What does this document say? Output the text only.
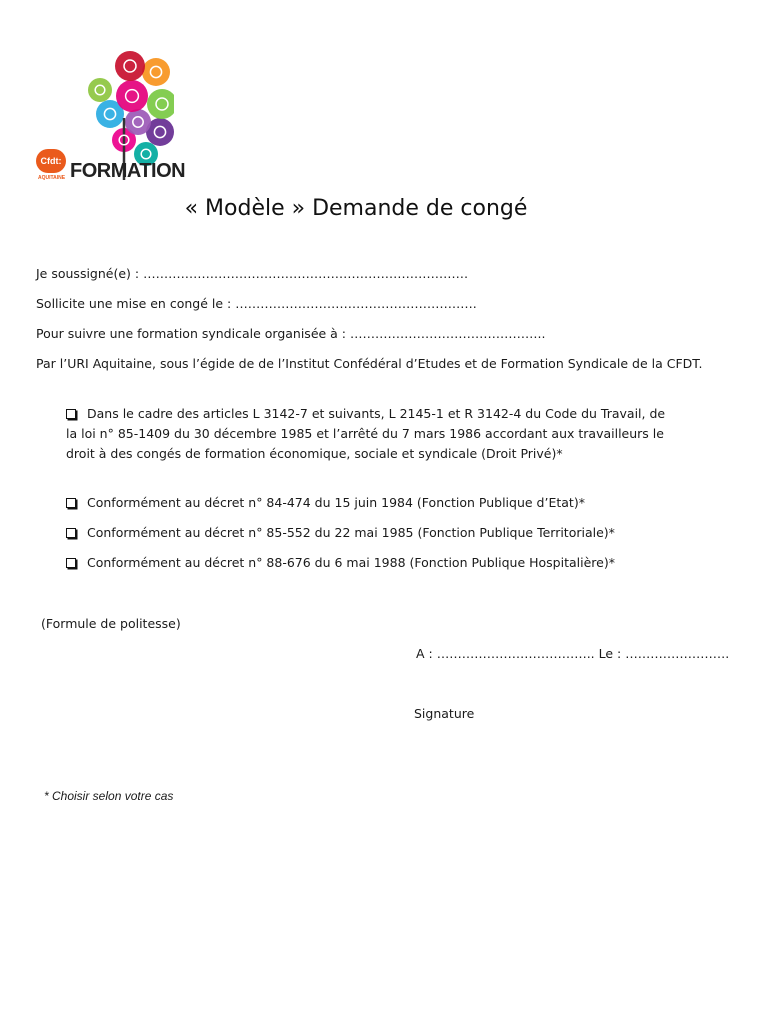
Cfdt:
AQUITAINE FORMATION
« Modèle » Demande de congé
Je soussigné(e) : ……………………………………………………………………
Sollicite une mise en congé le : ………………………………………………….
Pour suivre une formation syndicale organisée à : ………………………………………..
Par l’URI Aquitaine, sous l’égide de de l’Institut Confédéral d’Etudes et de Formation Syndicale de la CFDT.
Dans le cadre des articles L 3142-7 et suivants, L 2145-1 et R 3142-4 du Code du Travail, de la loi n° 85-1409 du 30 décembre 1985 et l’arrêté du 7 mars 1986 accordant aux travailleurs le droit à des congés de formation économique, sociale et syndicale (Droit Privé)*
Conformément au décret n° 84-474 du 15 juin 1984 (Fonction Publique d’Etat)*
Conformément au décret n° 85-552 du 22 mai 1985 (Fonction Publique Territoriale)*
Conformément au décret n° 88-676 du 6 mai 1988 (Fonction Publique Hospitalière)*
(Formule de politesse)
A : ……………………………….. Le : …………………….
Signature
* Choisir selon votre cas
